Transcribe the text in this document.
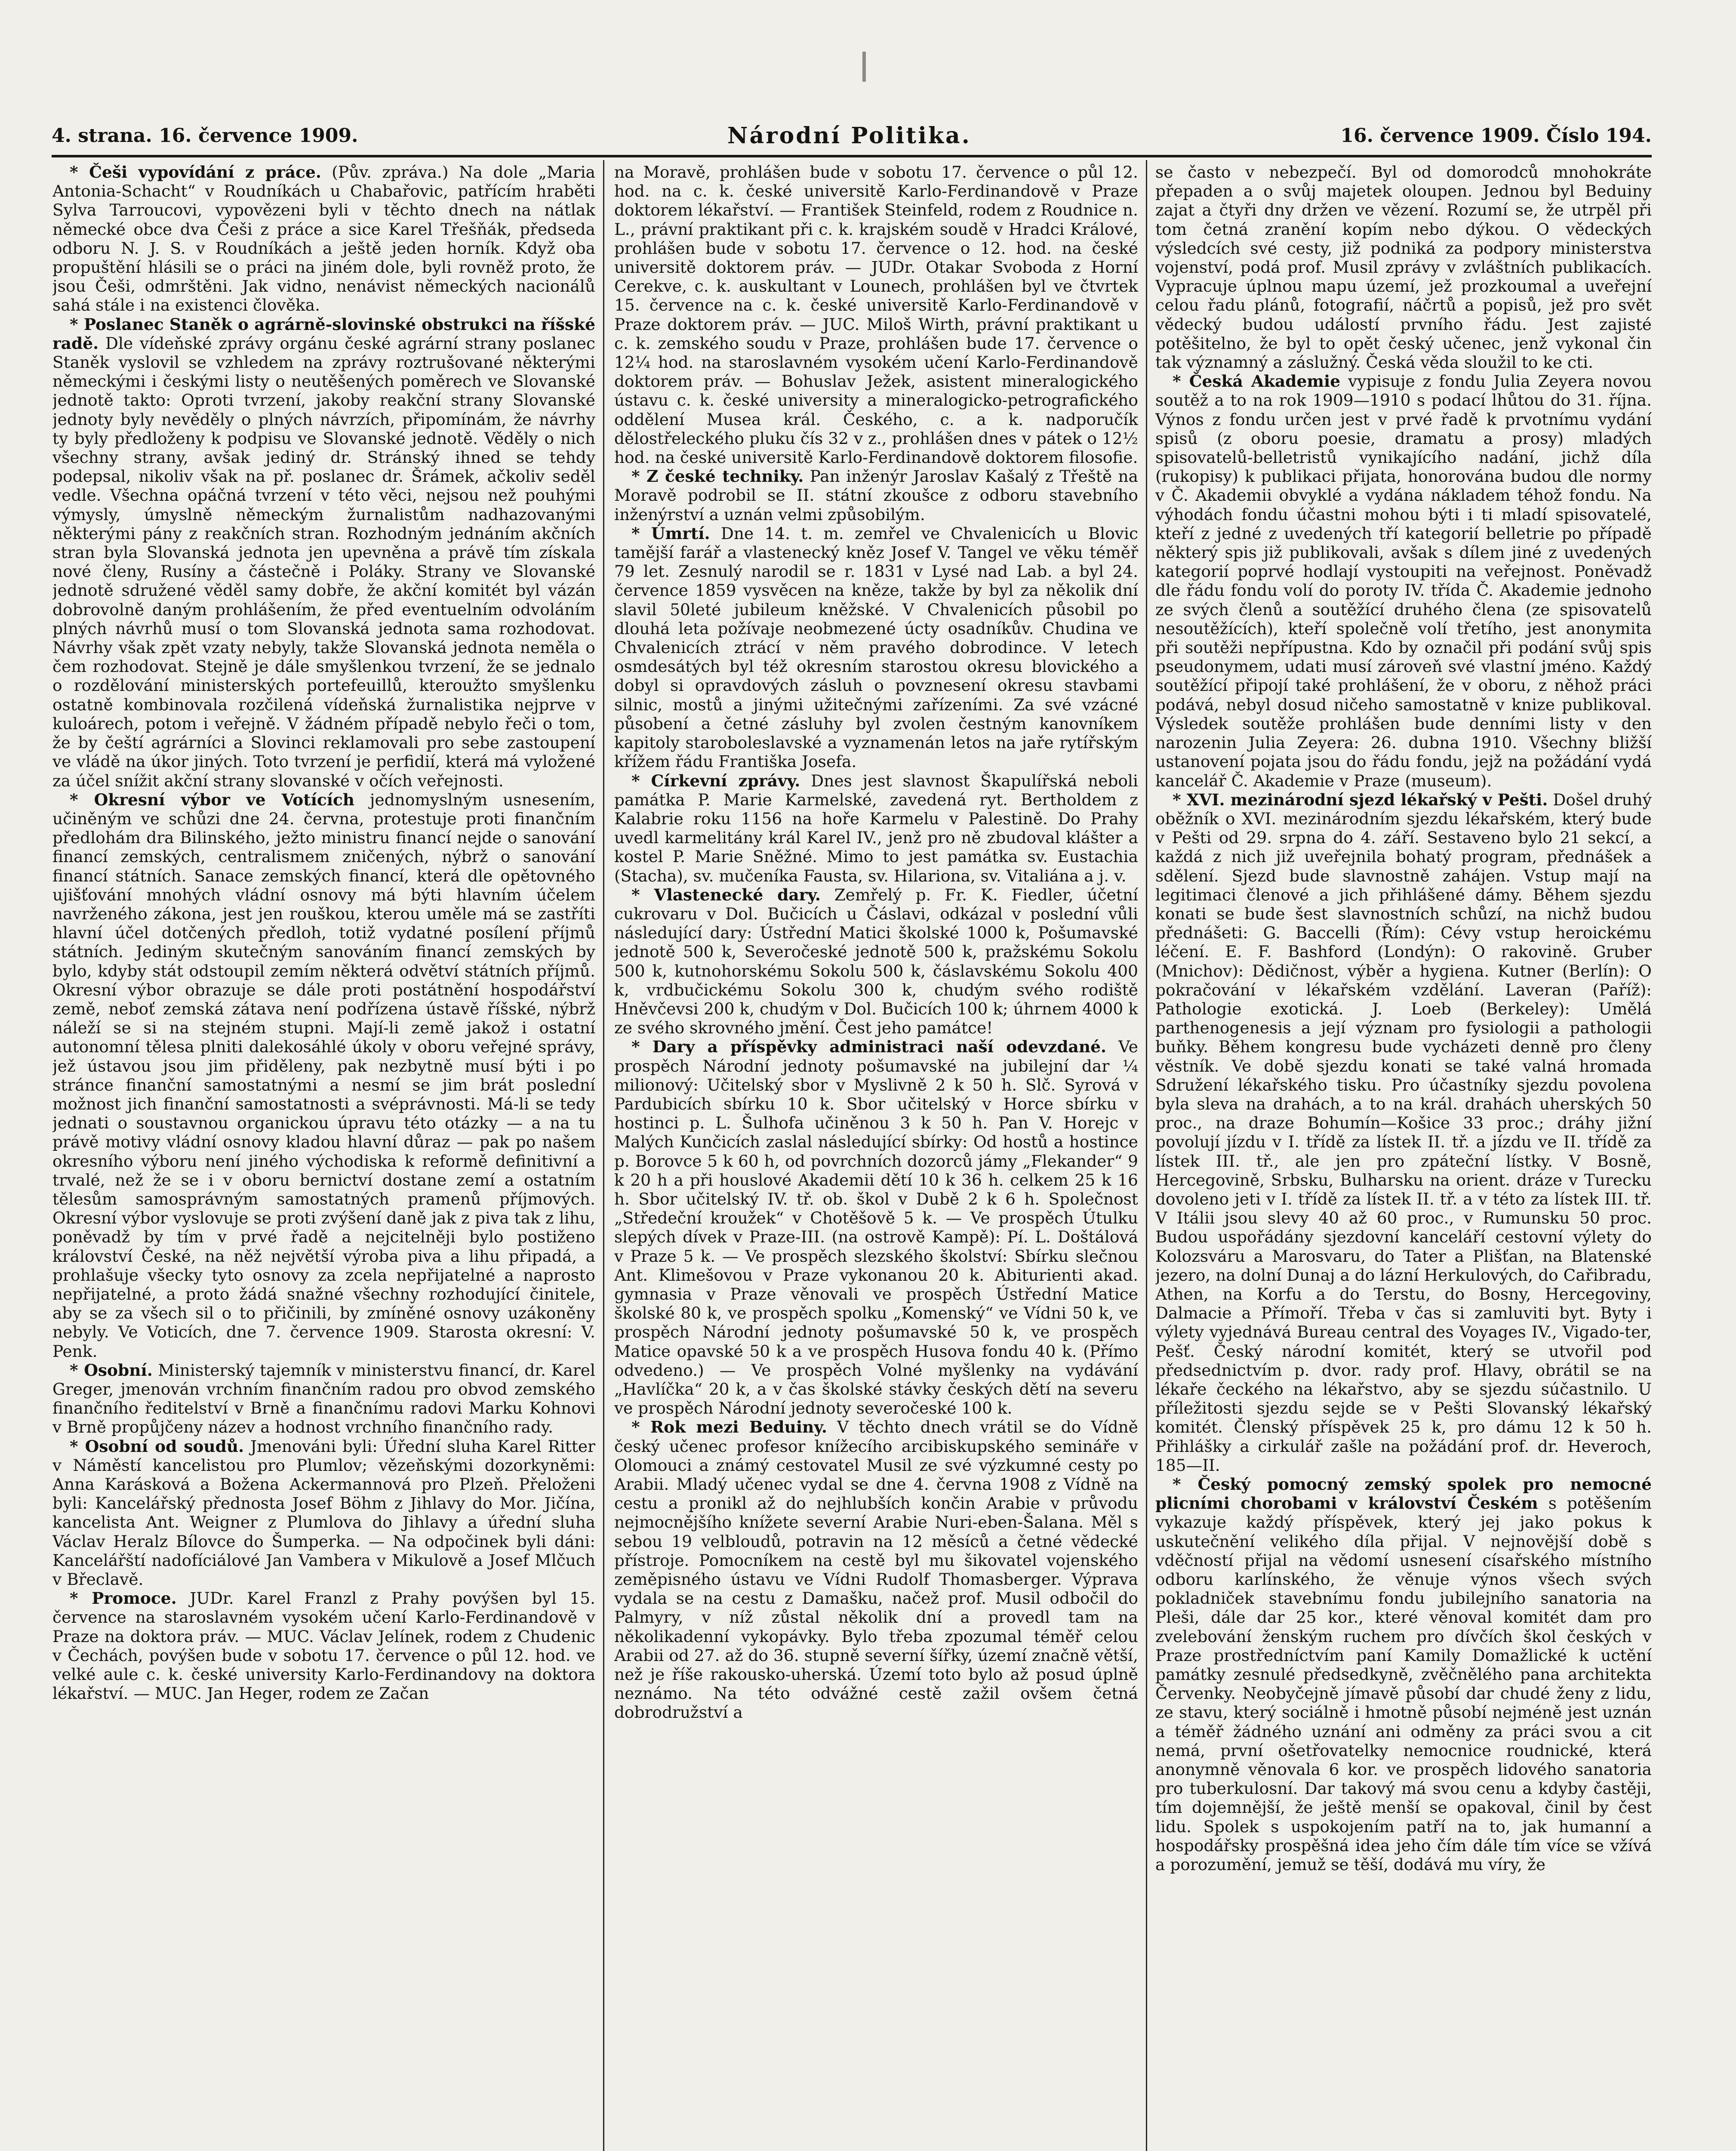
4. strana. 16. července 1909.	Národní Politika.	16. července 1909. Číslo 194.

* Češi vypovídání z práce. (Pův. zpráva.) Na dole „Maria Antonia-Schacht“ v Roudníkách u Chabařovic, patřícím hraběti Sylva Tarroucovi, vypovězeni byli v těchto dnech na nátlak německé obce dva Češi z práce a sice Karel Třešňák, předseda odboru N. J. S. v Roudníkách a ještě jeden horník. Když oba propuštění hlásili se o práci na jiném dole, byli rovněž proto, že jsou Češi, odmrštěni. Jak vidno, nenávist německých nacionálů sahá stále i na existenci člověka.

* Poslanec Staněk o agrárně-slovinské obstrukci na říšské radě. Dle vídeňské zprávy orgánu české agrární strany poslanec Staněk vyslovil se vzhledem na zprávy roztrušované některými německými i českými listy o neutěšených poměrech ve Slovanské jednotě takto: Oproti tvrzení, jakoby reakční strany Slovanské jednoty byly nevěděly o plných návrzích, připomínám, že návrhy ty byly předloženy k podpisu ve Slovanské jednotě. Věděly o nich všechny strany, avšak jediný dr. Stránský ihned se tehdy podepsal, nikoliv však na př. poslanec dr. Šrámek, ačkoliv seděl vedle. Všechna opáčná tvrzení v této věci, nejsou než pouhými výmysly, úmyslně německým žurnalistům nadhazovanými některými pány z reakčních stran. Rozhodným jednáním akčních stran byla Slovanská jednota jen upevněna a právě tím získala nové členy, Rusíny a částečně i Poláky. Strany ve Slovanské jednotě sdružené věděl samy dobře, že akční komitét byl vázán dobrovolně daným prohlášením, že před eventuelním odvoláním plných návrhů musí o tom Slovanská jednota sama rozhodovat. Návrhy však zpět vzaty nebyly, takže Slovanská jednota neměla o čem rozhodovat. Stejně je dále smyšlenkou tvrzení, že se jednalo o rozdělování ministerských portefeuillů, kteroužto smyšlenku ostatně kombinovala rozčilená vídeňská žurnalistika nejprve v kuloárech, potom i veřejně. V žádném případě nebylo řeči o tom, že by čeští agrárníci a Slovinci reklamovali pro sebe zastoupení ve vládě na úkor jiných. Toto tvrzení je perfidií, která má vyložené za účel snížit akční strany slovanské v očích veřejnosti.

* Okresní výbor ve Votících jednomyslným usnesením, učiněným ve schůzi dne 24. června, protestuje proti finančním předlohám dra Bilinského, ježto ministru financí nejde o sanování financí zemských, centralismem zničených, nýbrž o sanování financí státních. Sanace zemských financí, která dle opětovného ujišťování mnohých vládní osnovy má býti hlavním účelem navrženého zákona, jest jen rouškou, kterou uměle má se zastříti hlavní účel dotčených předloh, totiž vydatné posílení příjmů státních. Jediným skutečným sanováním financí zemských by bylo, kdyby stát odstoupil zemím některá odvětví státních příjmů. Okresní výbor obrazuje se dále proti postátnění hospodářství země, neboť zemská zátava není podřízena ústavě říšské, nýbrž náleží se si na stejném stupni. Mají-li země jakož i ostatní autonomní tělesa plniti dalekosáhlé úkoly v oboru veřejné správy, jež ústavou jsou jim přiděleny, pak nezbytně musí býti i po stránce finanční samostatnými a nesmí se jim brát poslední možnost jich finanční samostatnosti a svéprávnosti. Má-li se tedy jednati o soustavnou organickou úpravu této otázky — a na tu právě motivy vládní osnovy kladou hlavní důraz — pak po našem okresního výboru není jiného východiska k reformě definitivní a trvalé, než že se i v oboru bernictví dostane zemí a ostatním tělesům samosprávným samostatných pramenů příjmových. Okresní výbor vyslovuje se proti zvýšení daně jak z piva tak z lihu, poněvadž by tím v prvé řadě a nejcitelněji bylo postiženo království České, na něž největší výroba piva a lihu připadá, a prohlašuje všecky tyto osnovy za zcela nepřijatelné a naprosto nepřijatelné, a proto žádá snažné všechny rozhodující činitele, aby se za všech sil o to přičinili, by zmíněné osnovy uzákoněny nebyly. Ve Voticích, dne 7. července 1909. Starosta okresní: V. Penk.

* Osobní. Ministerský tajemník v ministerstvu financí, dr. Karel Greger, jmenován vrchním finančním radou pro obvod zemského finančního ředitelství v Brně a finančnímu radovi Marku Kohnovi v Brně propůjčeny název a hodnost vrchního finančního rady.

* Osobní od soudů. Jmenováni byli: Úřední sluha Karel Ritter v Náměstí kancelistou pro Plumlov; vězeňskými dozorkyněmi: Anna Karásková a Božena Ackermannová pro Plzeň. Přeloženi byli: Kancelářský přednosta Josef Böhm z Jihlavy do Mor. Jičína, kancelista Ant. Weigner z Plumlova do Jihlavy a úřední sluha Václav Heralz Bílovce do Šumperka. — Na odpočinek byli dáni: Kancelářští nadofíciálové Jan Vambera v Mikulově a Josef Mlčuch v Břeclavě.

* Promoce. JUDr. Karel Franzl z Prahy povýšen byl 15. července na staroslavném vysokém učení Karlo-Ferdinandově v Praze na doktora práv. — MUC. Václav Jelínek, rodem z Chudenic v Čechách, povýšen bude v sobotu 17. července o půl 12. hod. ve velké aule c. k. české university Karlo-Ferdinandovy na doktora lékařství. — MUC. Jan Heger, rodem ze Začan

na Moravě, prohlášen bude v sobotu 17. července o půl 12. hod. na c. k. české universitě Karlo-Ferdinandově v Praze doktorem lékařství. — František Steinfeld, rodem z Roudnice n. L., právní praktikant při c. k. krajském soudě v Hradci Králové, prohlášen bude v sobotu 17. července o 12. hod. na české universitě doktorem práv. — JUDr. Otakar Svoboda z Horní Cerekve, c. k. auskultant v Lounech, prohlášen byl ve čtvrtek 15. července na c. k. české universitě Karlo-Ferdinandově v Praze doktorem práv. — JUC. Miloš Wirth, právní praktikant u c. k. zemského soudu v Praze, prohlášen bude 17. července o 12¼ hod. na staroslavném vysokém učení Karlo-Ferdinandově doktorem práv. — Bohuslav Ježek, asistent mineralogického ústavu c. k. české university a mineralogicko-petrografického oddělení Musea král. Českého, c. a k. nadporučík dělostřeleckého pluku čís 32 v z., prohlášen dnes v pátek o 12½ hod. na české universitě Karlo-Ferdinandově doktorem filosofie.

* Z české techniky. Pan inženýr Jaroslav Kašalý z Třeště na Moravě podrobil se II. státní zkoušce z odboru stavebního inženýrství a uznán velmi způsobilým.

* Úmrtí. Dne 14. t. m. zemřel ve Chvalenicích u Blovic tamější farář a vlastenecký kněz Josef V. Tangel ve věku téměř 79 let. Zesnulý narodil se r. 1831 v Lysé nad Lab. a byl 24. července 1859 vysvěcen na kněze, takže by byl za několik dní slavil 50leté jubileum kněžské. V Chvalenicích působil po dlouhá leta požívaje neobmezené úcty osadníkův. Chudina ve Chvalenicích ztrácí v něm pravého dobrodince. V letech osmdesátých byl též okresním starostou okresu blovického a dobyl si opravdových zásluh o povznesení okresu stavbami silnic, mostů a jinými užitečnými zařízeními. Za své vzácné působení a četné zásluhy byl zvolen čestným kanovníkem kapitoly staroboleslavské a vyznamenán letos na jaře rytířským křížem řádu Františka Josefa.

* Církevní zprávy. Dnes jest slavnost Škapulířská neboli památka P. Marie Karmelské, zavedená ryt. Bertholdem z Kalabrie roku 1156 na hoře Karmelu v Palestině. Do Prahy uvedl karmelitány král Karel IV., jenž pro ně zbudoval klášter a kostel P. Marie Sněžné. Mimo to jest památka sv. Eustachia (Stacha), sv. mučeníka Fausta, sv. Hilariona, sv. Vitaliána a j. v.

* Vlastenecké dary. Zemřelý p. Fr. K. Fiedler, účetní cukrovaru v Dol. Bučicích u Čáslavi, odkázal v poslední vůli následující dary: Ústřední Matici školské 1000 k, Pošumavské jednotě 500 k, Severočeské jednotě 500 k, pražskému Sokolu 500 k, kutnohorskému Sokolu 500 k, čáslavskému Sokolu 400 k, vrdbučickému Sokolu 300 k, chudým svého rodiště Hněvčevsi 200 k, chudým v Dol. Bučicích 100 k; úhrnem 4000 k ze svého skrovného jmění. Čest jeho památce!

* Dary a příspěvky administraci naší odevzdané. Ve prospěch Národní jednoty pošumavské na jubilejní dar ¼ milionový: Učitelský sbor v Myslivně 2 k 50 h. Slč. Syrová v Pardubicích sbírku 10 k. Sbor učitelský v Horce sbírku v hostinci p. L. Šulhofa učiněnou 3 k 50 h. Pan V. Horejc v Malých Kunčicích zaslal následující sbírky: Od hostů a hostince p. Borovce 5 k 60 h, od povrchních dozorců jámy „Flekander“ 9 k 20 h a při houslové Akademii dětí 10 k 36 h. celkem 25 k 16 h. Sbor učitelský IV. tř. ob. škol v Dubě 2 k 6 h. Společnost „Středeční kroužek“ v Chotěšově 5 k. — Ve prospěch Útulku slepých dívek v Praze-III. (na ostrově Kampě): Pí. L. Doštálová v Praze 5 k. — Ve prospěch slezského školství: Sbírku slečnou Ant. Klimešovou v Praze vykonanou 20 k. Abiturienti akad. gymnasia v Praze věnovali ve prospěch Ústřední Matice školské 80 k, ve prospěch spolku „Komenský“ ve Vídni 50 k, ve prospěch Národní jednoty pošumavské 50 k, ve prospěch Matice opavské 50 k a ve prospěch Husova fondu 40 k. (Přímo odvedeno.) — Ve prospěch Volné myšlenky na vydávání „Havlíčka“ 20 k, a v čas školské stávky českých dětí na severu ve prospěch Národní jednoty severočeské 100 k.

* Rok mezi Beduiny. V těchto dnech vrátil se do Vídně český učenec profesor knížecího arcibiskupského semináře v Olomouci a známý cestovatel Musil ze své výzkumné cesty po Arabii. Mladý učenec vydal se dne 4. června 1908 z Vídně na cestu a pronikl až do nejhlubších končin Arabie v průvodu nejmocnějšího knížete severní Arabie Nuri-eben-Šalana. Měl s sebou 19 velbloudů, potravin na 12 měsíců a četné vědecké přístroje. Pomocníkem na cestě byl mu šikovatel vojenského zeměpisného ústavu ve Vídni Rudolf Thomasberger. Výprava vydala se na cestu z Damašku, načež prof. Musil odbočil do Palmyry, v níž zůstal několik dní a provedl tam na několikadenní vykopávky. Bylo třeba zpozumal téměř celou Arabii od 27. až do 36. stupně severní šířky, území značně větší, než je říše rakousko-uherská. Území toto bylo až posud úplně neznámo. Na této odvážné cestě zažil ovšem četná dobrodružství a

se často v nebezpečí. Byl od domorodců mnohokráte přepaden a o svůj majetek oloupen. Jednou byl Beduiny zajat a čtyři dny držen ve vězení. Rozumí se, že utrpěl při tom četná zranění kopím nebo dýkou. O vědeckých výsledcích své cesty, již podniká za podpory ministerstva vojenství, podá prof. Musil zprávy v zvláštních publikacích. Vypracuje úplnou mapu území, jež prozkoumal a uveřejní celou řadu plánů, fotografií, náčrtů a popisů, jež pro svět vědecký budou událostí prvního řádu. Jest zajisté potěšitelno, že byl to opět český učenec, jenž vykonal čin tak významný a záslužný. Česká věda sloužil to ke cti.

* Česká Akademie vypisuje z fondu Julia Zeyera novou soutěž a to na rok 1909—1910 s podací lhůtou do 31. října. Výnos z fondu určen jest v prvé řadě k prvotnímu vydání spisů (z oboru poesie, dramatu a prosy) mladých spisovatelů-belletristů vynikajícího nadání, jichž díla (rukopisy) k publikaci přijata, honorována budou dle normy v Č. Akademii obvyklé a vydána nákladem téhož fondu. Na výhodách fondu účastni mohou býti i ti mladí spisovatelé, kteří z jedné z uvedených tří kategorií belletrie po případě některý spis již publikovali, avšak s dílem jiné z uvedených kategorií poprvé hodlají vystoupiti na veřejnost. Poněvadž dle řádu fondu volí do poroty IV. třída Č. Akademie jednoho ze svých členů a soutěžící druhého člena (ze spisovatelů nesoutěžících), kteří společně volí třetího, jest anonymita při soutěži nepřípustna. Kdo by označil při podání svůj spis pseudonymem, udati musí zároveň své vlastní jméno. Každý soutěžící připojí také prohlášení, že v oboru, z něhož práci podává, nebyl dosud ničeho samostatně v knize publikoval. Výsledek soutěže prohlášen bude denními listy v den narozenin Julia Zeyera: 26. dubna 1910. Všechny bližší ustanovení pojata jsou do řádu fondu, jejž na požádání vydá kancelář Č. Akademie v Praze (museum).

* XVI. mezinárodní sjezd lékařský v Pešti. Došel druhý oběžník o XVI. mezinárodním sjezdu lékařském, který bude v Pešti od 29. srpna do 4. září. Sestaveno bylo 21 sekcí, a každá z nich již uveřejnila bohatý program, přednášek a sdělení. Sjezd bude slavnostně zahájen. Vstup mají na legitimaci členové a jich přihlášené dámy. Během sjezdu konati se bude šest slavnostních schůzí, na nichž budou přednášeti: G. Baccelli (Řím): Cévy vstup heroickému léčení. E. F. Bashford (Londýn): O rakovině. Gruber (Mnichov): Dědičnost, výběr a hygiena. Kutner (Berlín): O pokračování v lékařském vzdělání. Laveran (Paříž): Pathologie exotická. J. Loeb (Berkeley): Umělá parthenogenesis a její význam pro fysiologii a pathologii buňky. Během kongresu bude vycházeti denně pro členy věstník. Ve době sjezdu konati se také valná hromada Sdružení lékařského tisku. Pro účastníky sjezdu povolena byla sleva na drahách, a to na král. drahách uherských 50 proc., na draze Bohumín—Košice 33 proc.; dráhy jižní povolují jízdu v I. třídě za lístek II. tř. a jízdu ve II. třídě za lístek III. tř., ale jen pro zpáteční lístky. V Bosně, Hercegovině, Srbsku, Bulharsku na orient. dráze v Turecku dovoleno jeti v I. třídě za lístek II. tř. a v této za lístek III. tř. V Itálii jsou slevy 40 až 60 proc., v Rumunsku 50 proc. Budou uspořádány sjezdovní kanceláří cestovní výlety do Kolozsváru a Marosvaru, do Tater a Plišťan, na Blatenské jezero, na dolní Dunaj a do lázní Herkulových, do Cařibradu, Athen, na Korfu a do Terstu, do Bosny, Hercegoviny, Dalmacie a Přímoří. Třeba v čas si zamluviti byt. Byty i výlety vyjednává Bureau central des Voyages IV., Vigado-ter, Pešť. Český národní komitét, který se utvořil pod předsednictvím p. dvor. rady prof. Hlavy, obrátil se na lékaře čeckého na lékařstvo, aby se sjezdu súčastnilo. U příležitosti sjezdu sejde se v Pešti Slovanský lékařský komitét. Členský příspěvek 25 k, pro dámu 12 k 50 h. Přihlášky a cirkulář zašle na požádání prof. dr. Heveroch, 185—II.

* Český pomocný zemský spolek pro nemocné plicními chorobami v království Českém s potěšením vykazuje každý příspěvek, který jej jako pokus k uskutečnění velikého díla přijal. V nejnovější době s vděčností přijal na vědomí usnesení císařského místního odboru karlínského, že věnuje výnos všech svých pokladniček stavebnímu fondu jubilejního sanatoria na Pleši, dále dar 25 kor., které věnoval komitét dam pro zvelebování ženským ruchem pro dívčích škol českých v Praze prostředníctvím paní Kamily Domažlické k uctění památky zesnulé předsedkyně, zvěčnělého pana architekta Červenky. Neobyčejně jímavě působí dar chudé ženy z lidu, ze stavu, který sociálně i hmotně působí nejméně jest uznán a téměř žádného uznání ani odměny za práci svou a cit nemá, první ošetřovatelky nemocnice roudnické, která anonymně věnovala 6 kor. ve prospěch lidového sanatoria pro tuberkulosní. Dar takový má svou cenu a kdyby častěji, tím dojemnější, že ještě menší se opakoval, činil by čest lidu. Spolek s uspokojením patří na to, jak humanní a hospodářsky prospěšná idea jeho čím dále tím více se vžívá a porozumění, jemuž se těší, dodává mu víry, že
